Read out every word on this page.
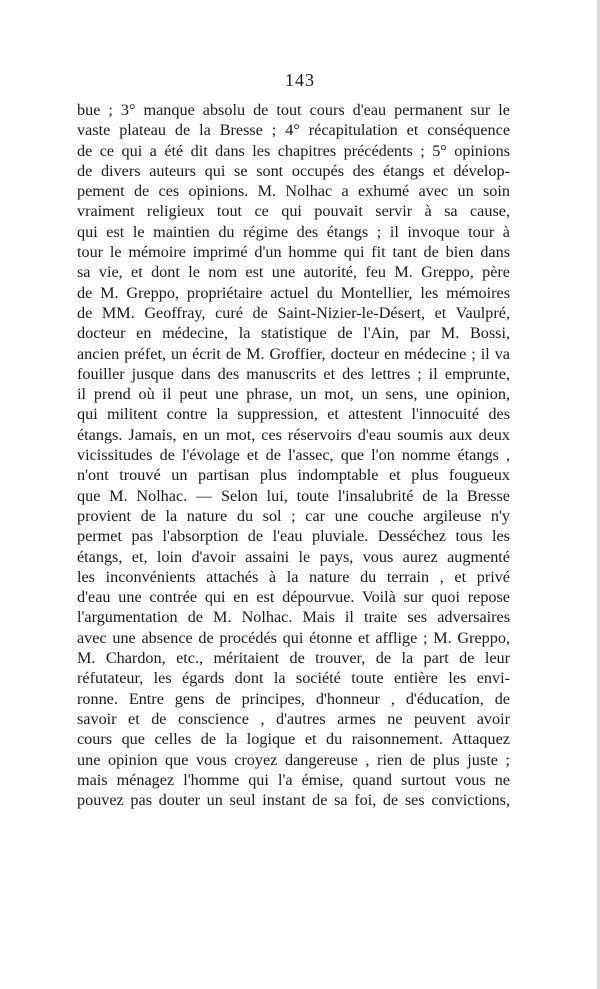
143
bue ; 3° manque absolu de tout cours d'eau permanent sur le
vaste plateau de la Bresse ; 4° récapitulation et conséquence
de ce qui a été dit dans les chapitres précédents ; 5° opinions
de divers auteurs qui se sont occupés des étangs et dévelop-
pement de ces opinions. M. Nolhac a exhumé avec un soin
vraiment religieux tout ce qui pouvait servir à sa cause,
qui est le maintien du régime des étangs ; il invoque tour à
tour le mémoire imprimé d'un homme qui fit tant de bien dans
sa vie, et dont le nom est une autorité, feu M. Greppo, père
de M. Greppo, propriétaire actuel du Montellier, les mémoires
de MM. Geoffray, curé de Saint-Nizier-le-Désert, et Vaulpré,
docteur en médecine, la statistique de l'Ain, par M. Bossi,
ancien préfet, un écrit de M. Groffier, docteur en médecine ; il va
fouiller jusque dans des manuscrits et des lettres ; il emprunte,
il prend où il peut une phrase, un mot, un sens, une opinion,
qui militent contre la suppression, et attestent l'innocuité des
étangs. Jamais, en un mot, ces réservoirs d'eau soumis aux deux
vicissitudes de l'évolage et de l'assec, que l'on nomme étangs ,
n'ont trouvé un partisan plus indomptable et plus fougueux
que M. Nolhac. — Selon lui, toute l'insalubrité de la Bresse
provient de la nature du sol ; car une couche argileuse n'y
permet pas l'absorption de l'eau pluviale. Desséchez tous les
étangs, et, loin d'avoir assaini le pays, vous aurez augmenté
les inconvénients attachés à la nature du terrain , et privé
d'eau une contrée qui en est dépourvue. Voilà sur quoi repose
l'argumentation de M. Nolhac. Mais il traite ses adversaires
avec une absence de procédés qui étonne et afflige ; M. Greppo,
M. Chardon, etc., méritaient de trouver, de la part de leur
réfutateur, les égards dont la société toute entière les envi-
ronne. Entre gens de principes, d'honneur , d'éducation, de
savoir et de conscience , d'autres armes ne peuvent avoir
cours que celles de la logique et du raisonnement. Attaquez
une opinion que vous croyez dangereuse , rien de plus juste ;
mais ménagez l'homme qui l'a émise, quand surtout vous ne
pouvez pas douter un seul instant de sa foi, de ses convictions,
